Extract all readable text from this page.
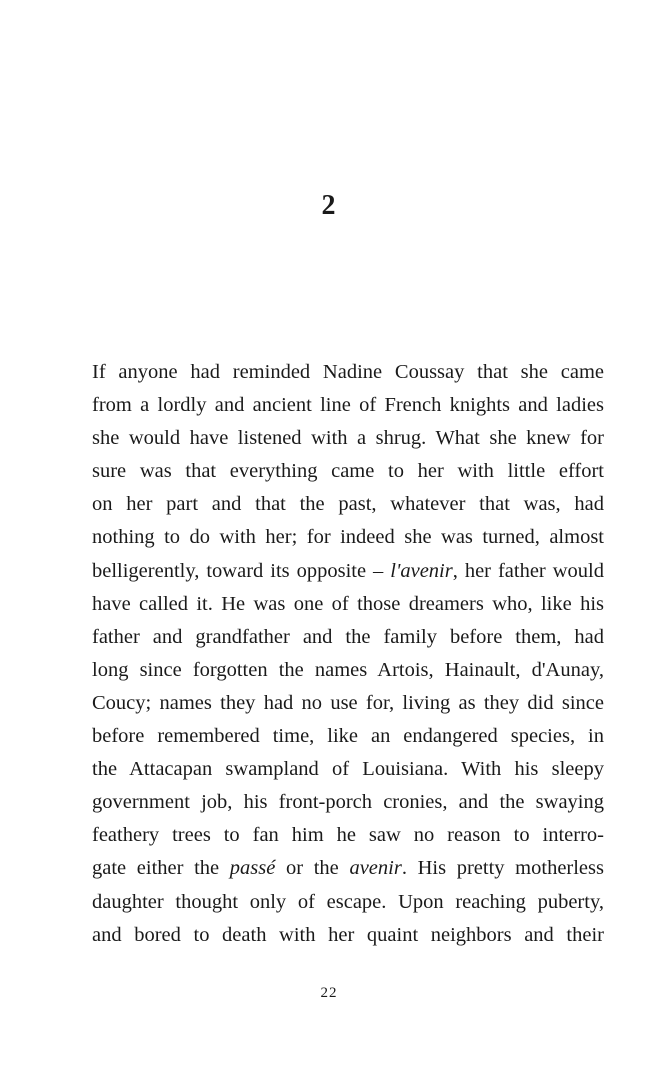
2
If anyone had reminded Nadine Coussay that she came
from a lordly and ancient line of French knights and ladies
she would have listened with a shrug. What she knew for
sure was that everything came to her with little effort
on her part and that the past, whatever that was, had
nothing to do with her; for indeed she was turned, almost
belligerently, toward its opposite – l'avenir, her father would
have called it. He was one of those dreamers who, like his
father and grandfather and the family before them, had
long since forgotten the names Artois, Hainault, d'Aunay,
Coucy; names they had no use for, living as they did since
before remembered time, like an endangered species, in
the Attacapan swampland of Louisiana. With his sleepy
government job, his front-porch cronies, and the swaying
feathery trees to fan him he saw no reason to interro-
gate either the passé or the avenir. His pretty motherless
daughter thought only of escape. Upon reaching puberty,
and bored to death with her quaint neighbors and their
22
